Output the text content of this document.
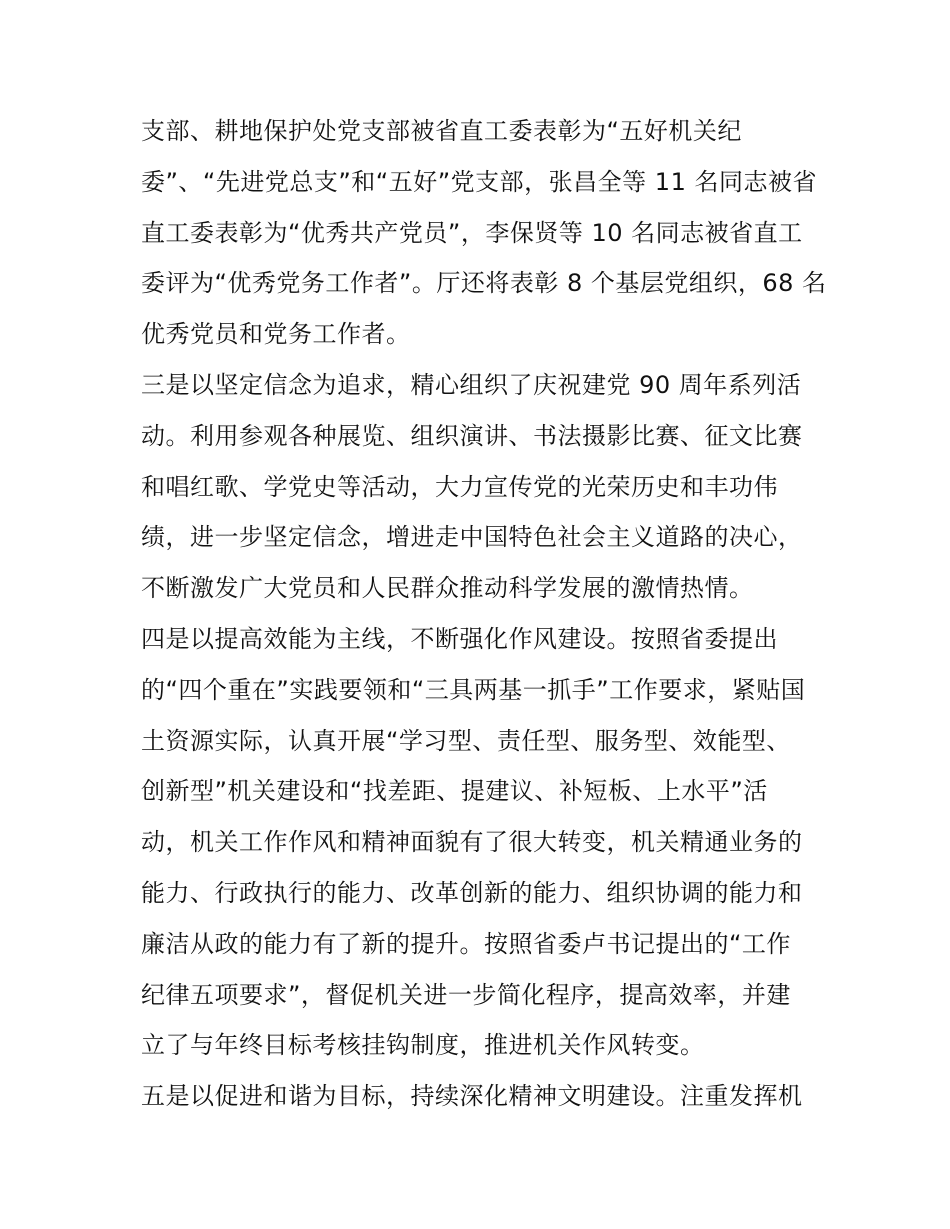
支部、耕地保护处党支部被省直工委表彰为“五好机关纪

委”、“先进党总支”和“五好”党支部，张昌全等 11 名同志被省

直工委表彰为“优秀共产党员”，李保贤等 10 名同志被省直工

委评为“优秀党务工作者”。厅还将表彰 8 个基层党组织，68 名

优秀党员和党务工作者。

三是以坚定信念为追求，精心组织了庆祝建党 90 周年系列活

动。利用参观各种展览、组织演讲、书法摄影比赛、征文比赛

和唱红歌、学党史等活动，大力宣传党的光荣历史和丰功伟

绩，进一步坚定信念，增进走中国特色社会主义道路的决心，

不断激发广大党员和人民群众推动科学发展的激情热情。

四是以提高效能为主线，不断强化作风建设。按照省委提出

的“四个重在”实践要领和“三具两基一抓手”工作要求，紧贴国

土资源实际，认真开展“学习型、责任型、服务型、效能型、

创新型”机关建设和“找差距、提建议、补短板、上水平”活

动，机关工作作风和精神面貌有了很大转变，机关精通业务的

能力、行政执行的能力、改革创新的能力、组织协调的能力和

廉洁从政的能力有了新的提升。按照省委卢书记提出的“工作

纪律五项要求”，督促机关进一步简化程序，提高效率，并建

立了与年终目标考核挂钩制度，推进机关作风转变。

五是以促进和谐为目标，持续深化精神文明建设。注重发挥机
